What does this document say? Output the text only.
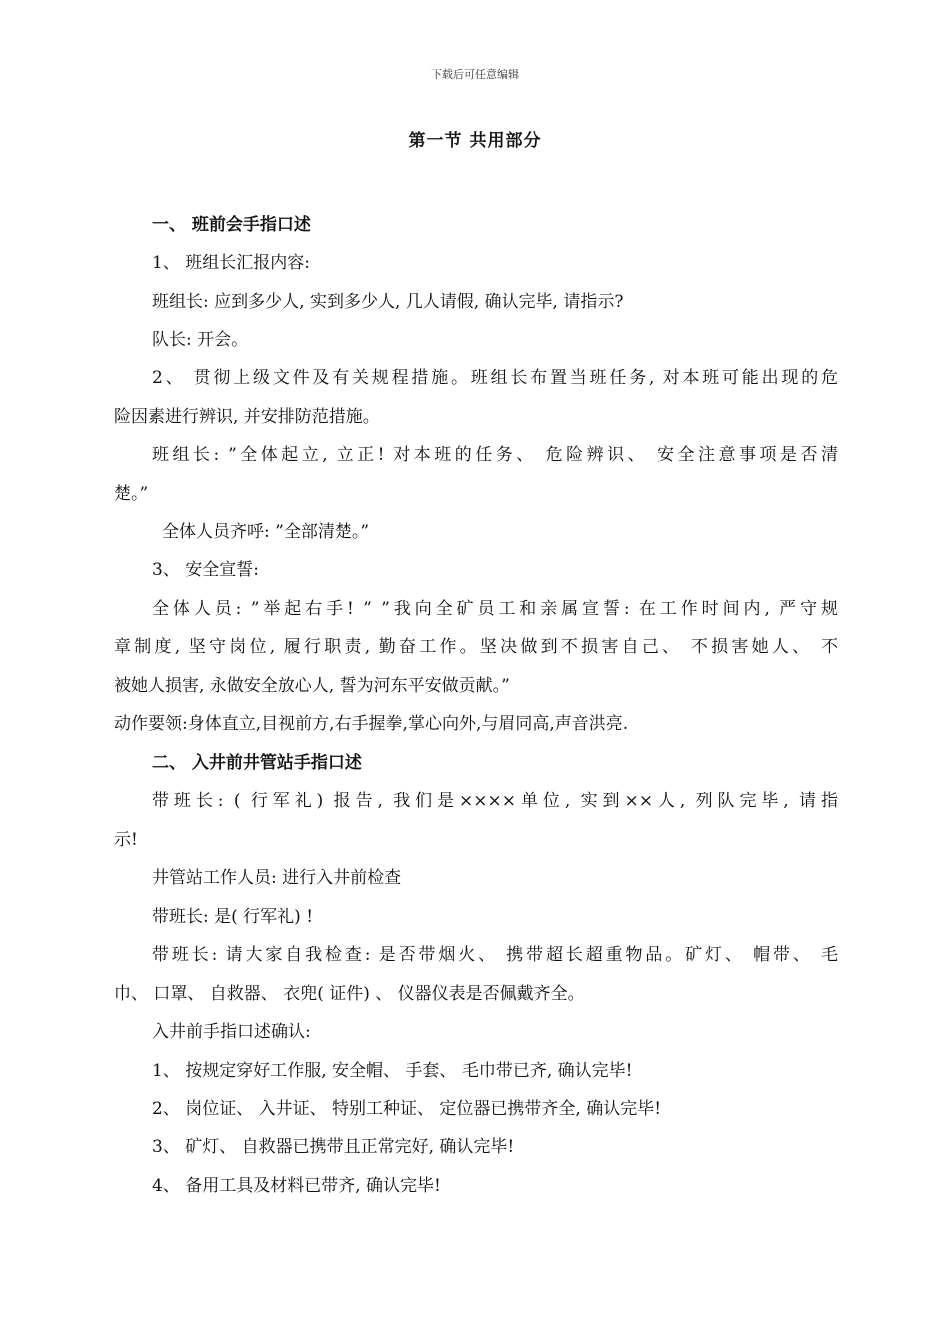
下载后可任意编辑
第一节 共用部分
一、 班前会手指口述
1、 班组长汇报内容:
班组长: 应到多少人, 实到多少人, 几人请假, 确认完毕, 请指示?
队长: 开会。
2、 贯彻上级文件及有关规程措施。班组长布置当班任务, 对本班可能出现的危
险因素进行辨识, 并安排防范措施。
班组长: ”全体起立, 立正! 对本班的任务、 危险辨识、 安全注意事项是否清
楚。”
全体人员齐呼: ”全部清楚。”
3、 安全宣誓:
全体人员: ”举起右手! ” ”我向全矿员工和亲属宣誓: 在工作时间内, 严守规
章制度, 坚守岗位, 履行职责, 勤奋工作。坚决做到不损害自己、 不损害她人、 不
被她人损害, 永做安全放心人, 誓为河东平安做贡献。”
动作要领:身体直立,目视前方,右手握拳,掌心向外,与眉同高,声音洪亮.
二、 入井前井管站手指口述
带班长: ( 行军礼) 报告, 我们是××××单位, 实到××人, 列队完毕, 请指
示!
井管站工作人员: 进行入井前检查
带班长: 是( 行军礼) !
带班长: 请大家自我检查: 是否带烟火、 携带超长超重物品。矿灯、 帽带、 毛
巾、 口罩、 自救器、 衣兜( 证件) 、 仪器仪表是否佩戴齐全。
入井前手指口述确认:
1、 按规定穿好工作服, 安全帽、 手套、 毛巾带已齐, 确认完毕!
2、 岗位证、 入井证、 特别工种证、 定位器已携带齐全, 确认完毕!
3、 矿灯、 自救器已携带且正常完好, 确认完毕!
4、 备用工具及材料已带齐, 确认完毕!
